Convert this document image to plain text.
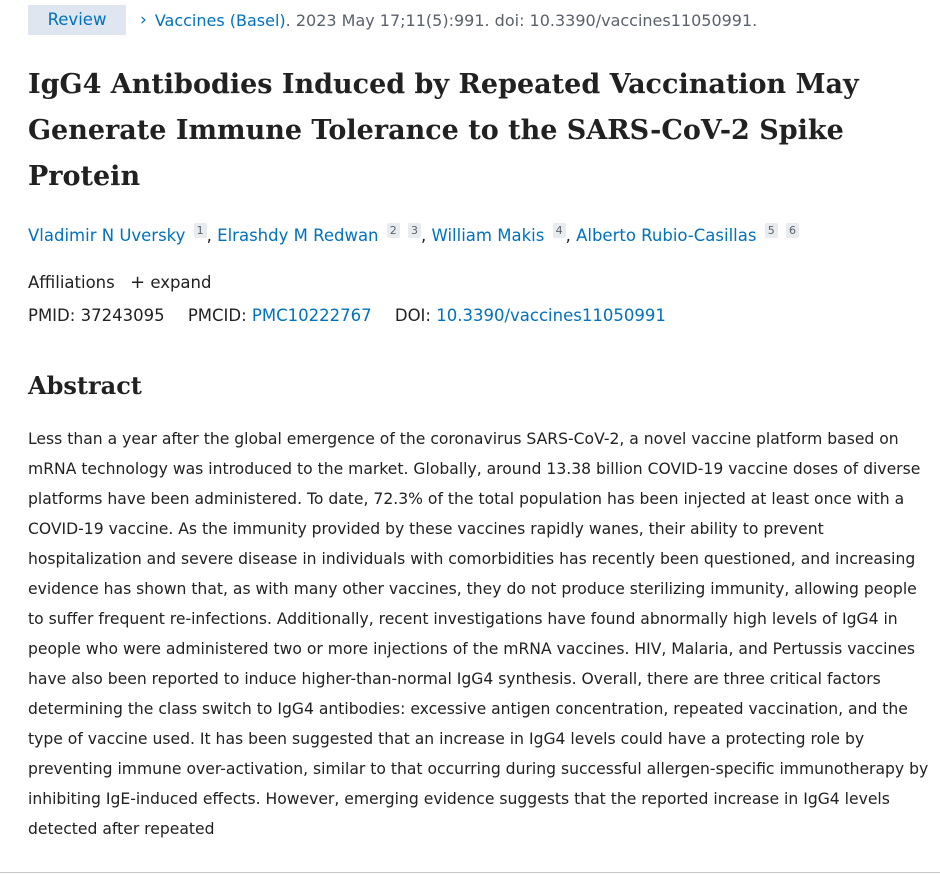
Review	› Vaccines (Basel) . 2023 May 17;11(5):991. doi: 10.3390/vaccines11050991.
IgG4 Antibodies Induced by Repeated Vaccination May Generate Immune Tolerance to the SARS-CoV-2 Spike Protein
Vladimir N Uversky $^1$ , Elrashdy M Redwan $^2$ $^3$ , William Makis $^4$ , Alberto Rubio-Casillas $^5$ $^6$
Affiliations + expand
PMID: 37243095 PMCID: PMC10222767 DOI: 10.3390/vaccines11050991
Abstract

Less than a year after the global emergence of the coronavirus SARS-CoV-2, a novel vaccine platform based on mRNA technology was introduced to the market. Globally, around 13.38 billion COVID-19 vaccine doses of diverse platforms have been administered. To date, 72.3% of the total population has been injected at least once with a COVID-19 vaccine. As the immunity provided by these vaccines rapidly wanes, their ability to prevent hospitalization and severe disease in individuals with comorbidities has recently been questioned, and increasing evidence has shown that, as with many other vaccines, they do not produce sterilizing immunity, allowing people to suffer frequent re-infections. Additionally, recent investigations have found abnormally high levels of IgG4 in people who were administered two or more injections of the mRNA vaccines. HIV, Malaria, and Pertussis vaccines have also been reported to induce higher-than-normal IgG4 synthesis. Overall, there are three critical factors determining the class switch to IgG4 antibodies: excessive antigen concentration, repeated vaccination, and the type of vaccine used. It has been suggested that an increase in IgG4 levels could have a protecting role by preventing immune over-activation, similar to that occurring during successful allergen-specific immunotherapy by inhibiting IgE-induced effects. However, emerging evidence suggests that the reported increase in IgG4 levels detected after repeated
